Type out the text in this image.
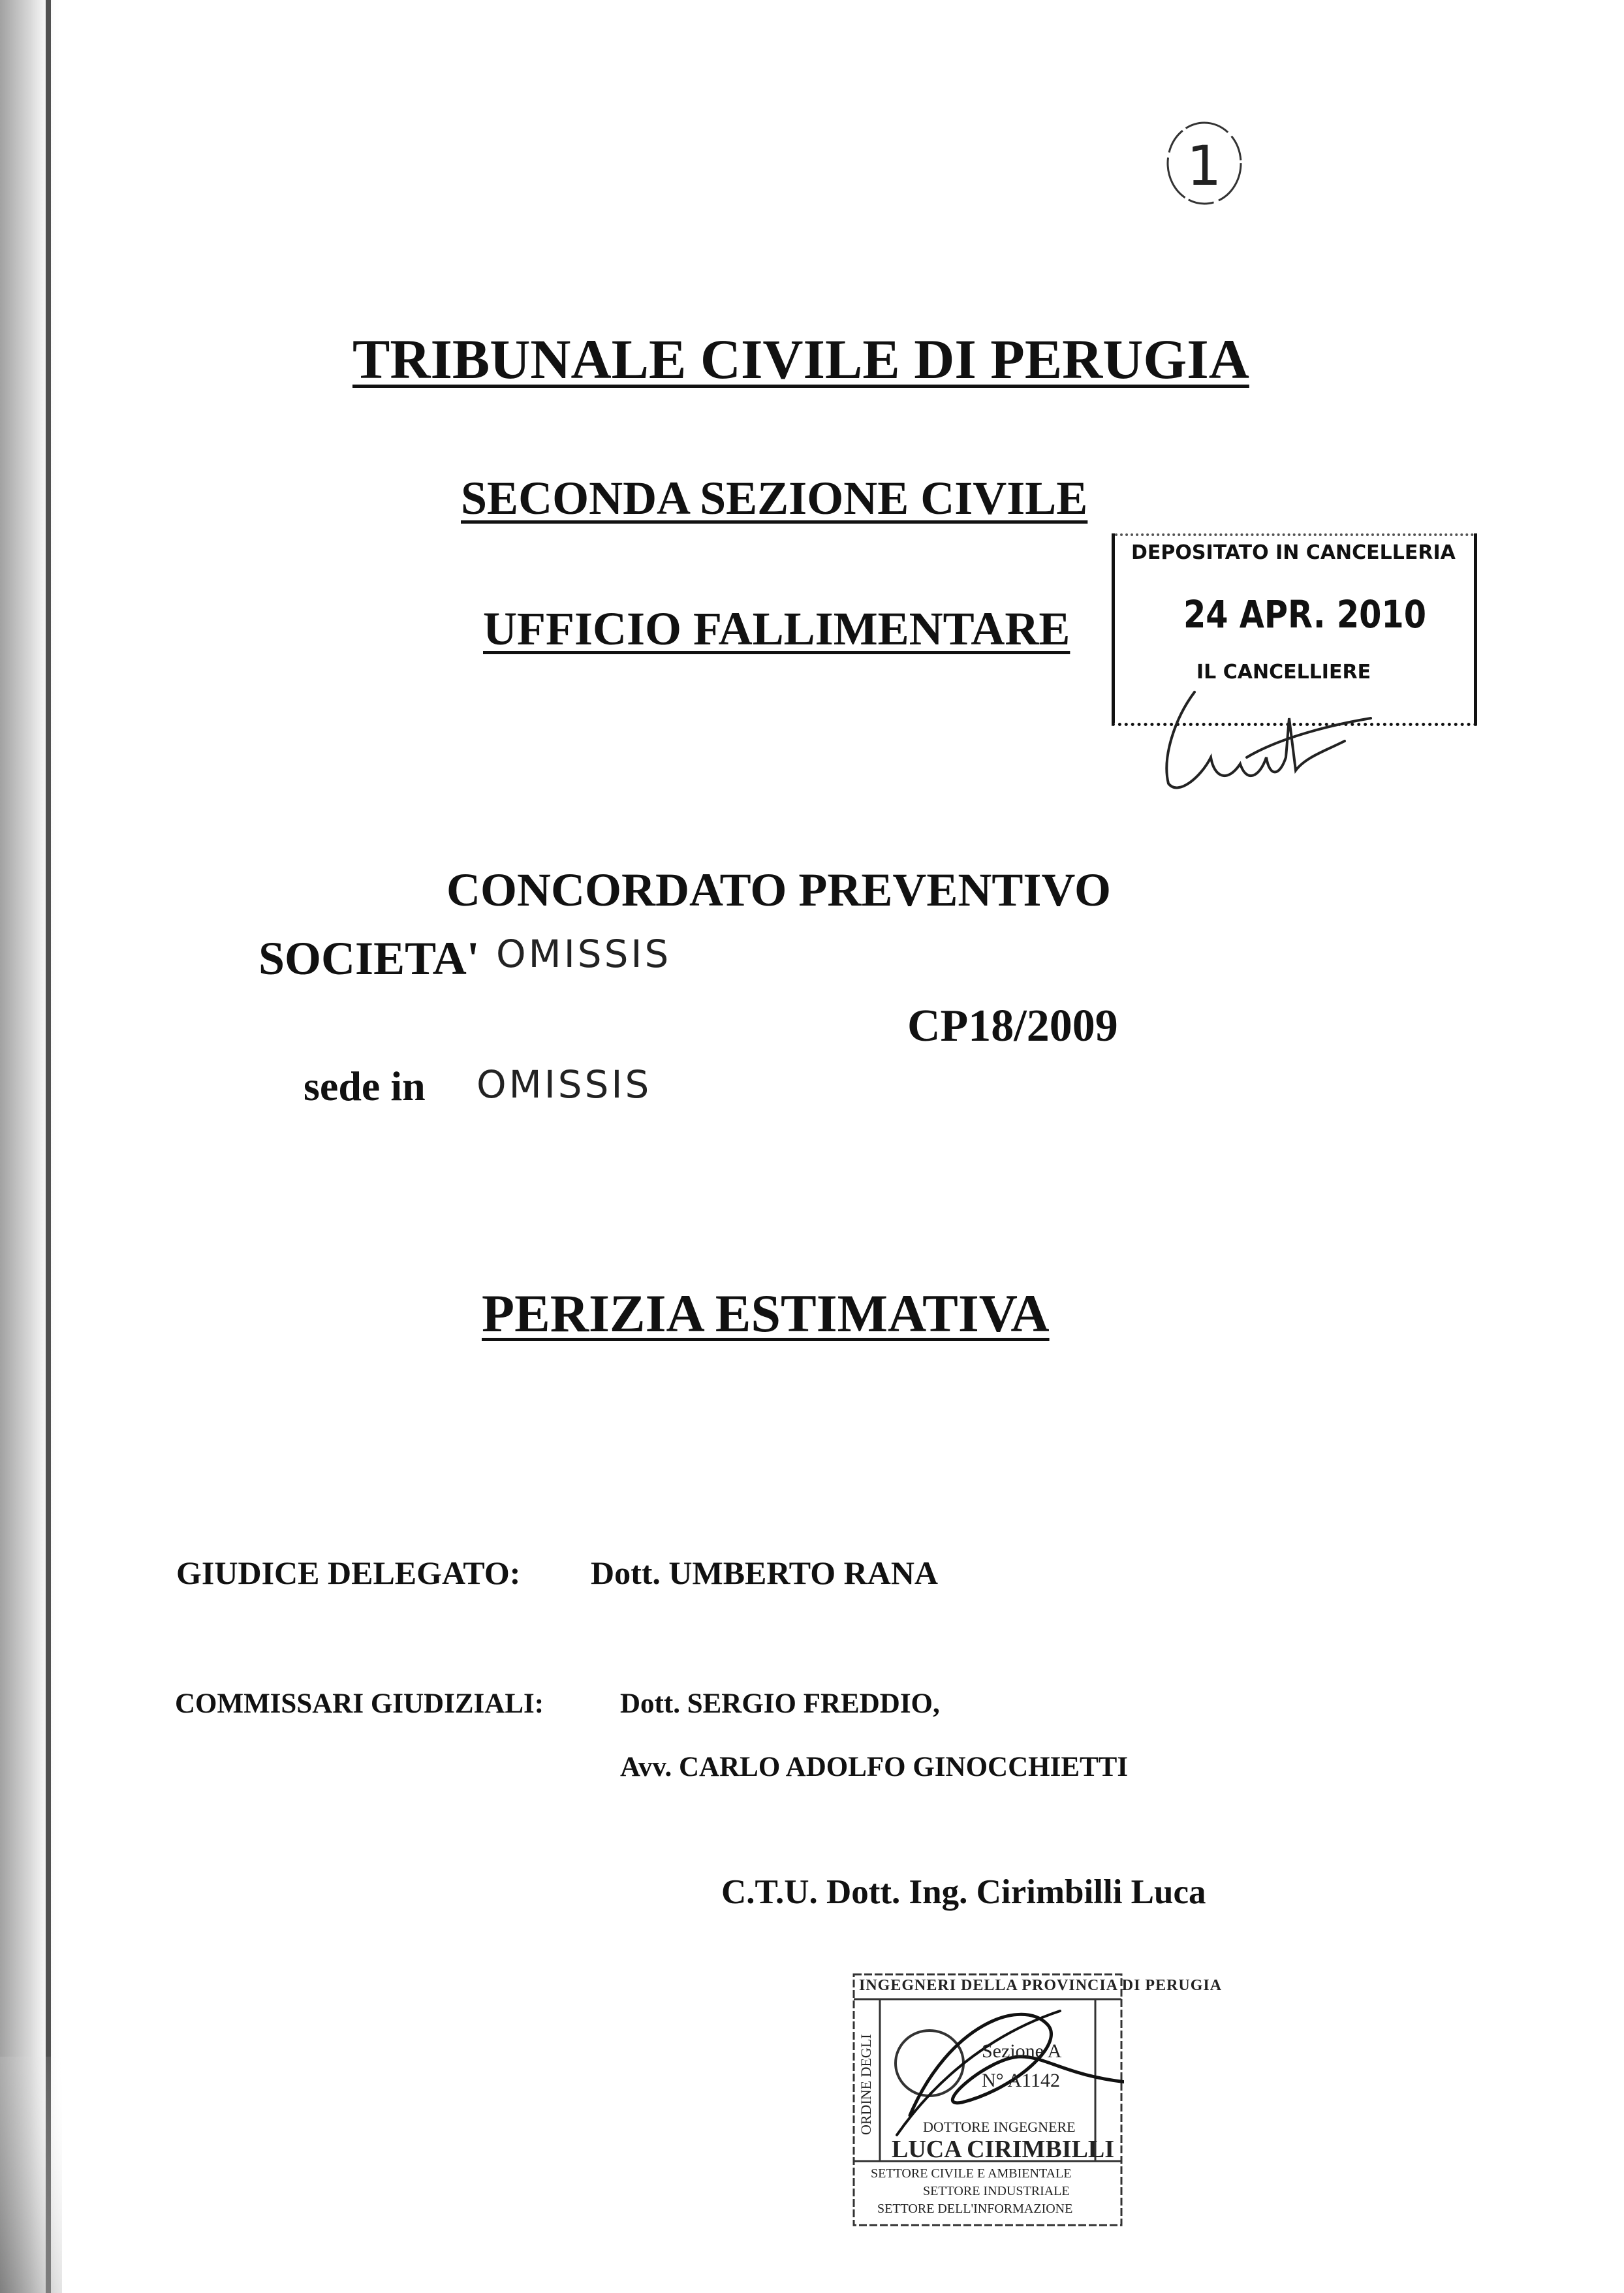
1
TRIBUNALE CIVILE DI PERUGIA
SECONDA SEZIONE CIVILE
UFFICIO FALLIMENTARE
DEPOSITATO IN CANCELLERIA
24 APR. 2010
IL CANCELLIERE
CONCORDATO PREVENTIVO
SOCIETA' OMISSIS
CP18/2009
sede in OMISSIS
PERIZIA ESTIMATIVA
GIUDICE DELEGATO: Dott. UMBERTO RANA
COMMISSARI GIUDIZIALI:	Dott. SERGIO FREDDIO,
Avv. CARLO ADOLFO GINOCCHIETTI
C.T.U. Dott. Ing. Cirimbilli Luca
INGEGNERI DELLA PROVINCIA DI PERUGIA
ORDINE DEGLI	Sezione A
N° A1142
DOTTORE INGEGNERE
LUCA CIRIMBILLI
SETTORE CIVILE E AMBIENTALE
SETTORE INDUSTRIALE
SETTORE DELL'INFORMAZIONE
